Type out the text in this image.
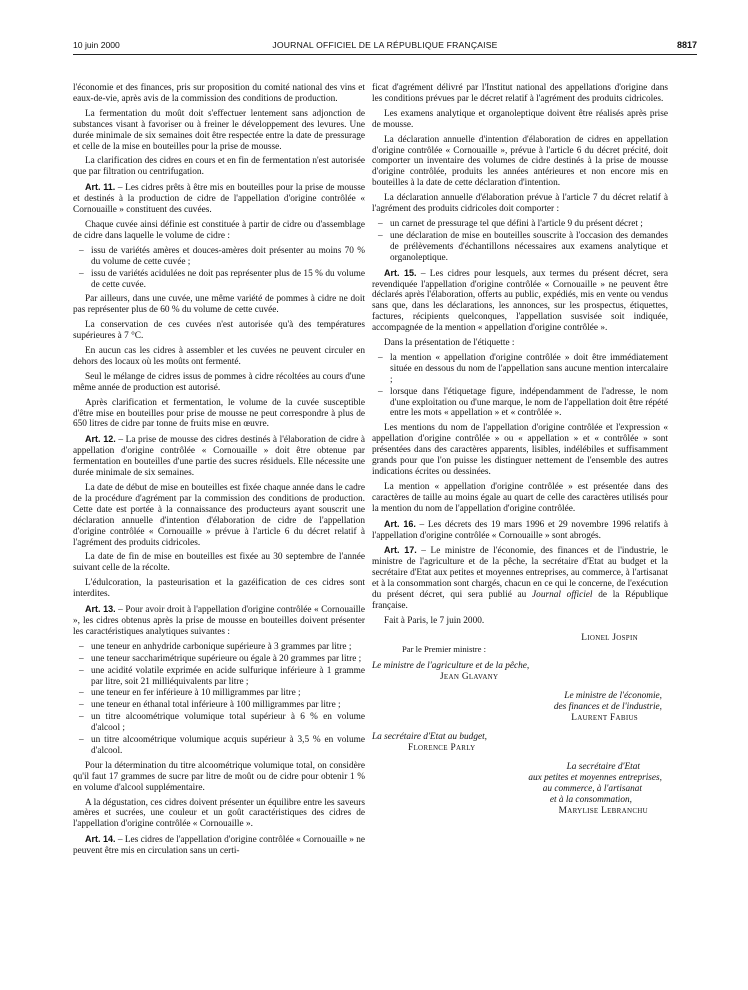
10 juin 2000	JOURNAL OFFICIEL DE LA RÉPUBLIQUE FRANÇAISE	8817

l'économie et des finances, pris sur proposition du comité national des vins et eaux-de-vie, après avis de la commission des conditions de production.

La fermentation du moût doit s'effectuer lentement sans adjonction de substances visant à favoriser ou à freiner le développement des levures. Une durée minimale de six semaines doit être respectée entre la date de pressurage et celle de la mise en bouteilles pour la prise de mousse.

La clarification des cidres en cours et en fin de fermentation n'est autorisée que par filtration ou centrifugation.

Art. 11. – Les cidres prêts à être mis en bouteilles pour la prise de mousse et destinés à la production de cidre de l'appellation d'origine contrôlée « Cornouaille » constituent des cuvées.

Chaque cuvée ainsi définie est constituée à partir de cidre ou d'assemblage de cidre dans laquelle le volume de cidre :

– issu de variétés amères et douces-amères doit présenter au moins 70 % du volume de cette cuvée ;
– issu de variétés acidulées ne doit pas représenter plus de 15 % du volume de cette cuvée.

Par ailleurs, dans une cuvée, une même variété de pommes à cidre ne doit pas représenter plus de 60 % du volume de cette cuvée.

La conservation de ces cuvées n'est autorisée qu'à des températures supérieures à 7 °C.

En aucun cas les cidres à assembler et les cuvées ne peuvent circuler en dehors des locaux où les moûts ont fermenté.

Seul le mélange de cidres issus de pommes à cidre récoltées au cours d'une même année de production est autorisé.

Après clarification et fermentation, le volume de la cuvée susceptible d'être mise en bouteilles pour prise de mousse ne peut correspondre à plus de 650 litres de cidre par tonne de fruits mise en œuvre.

Art. 12. – La prise de mousse des cidres destinés à l'élaboration de cidre à appellation d'origine contrôlée « Cornouaille » doit être obtenue par fermentation en bouteilles d'une partie des sucres résiduels. Elle nécessite une durée minimale de six semaines.

La date de début de mise en bouteilles est fixée chaque année dans le cadre de la procédure d'agrément par la commission des conditions de production. Cette date est portée à la connaissance des producteurs ayant souscrit une déclaration annuelle d'intention d'élaboration de cidre de l'appellation d'origine contrôlée « Cornouaille » prévue à l'article 6 du décret relatif à l'agrément des produits cidricoles.

La date de fin de mise en bouteilles est fixée au 30 septembre de l'année suivant celle de la récolte.

L'édulcoration, la pasteurisation et la gazéification de ces cidres sont interdites.

Art. 13. – Pour avoir droit à l'appellation d'origine contrôlée « Cornouaille », les cidres obtenus après la prise de mousse en bouteilles doivent présenter les caractéristiques analytiques suivantes :

– une teneur en anhydride carbonique supérieure à 3 grammes par litre ;
– une teneur saccharimétrique supérieure ou égale à 20 grammes par litre ;
– une acidité volatile exprimée en acide sulfurique inférieure à 1 gramme par litre, soit 21 milliéquivalents par litre ;
– une teneur en fer inférieure à 10 milligrammes par litre ;
– une teneur en éthanal total inférieure à 100 milligrammes par litre ;
– un titre alcoométrique volumique total supérieur à 6 % en volume d'alcool ;
– un titre alcoométrique volumique acquis supérieur à 3,5 % en volume d'alcool.

Pour la détermination du titre alcoométrique volumique total, on considère qu'il faut 17 grammes de sucre par litre de moût ou de cidre pour obtenir 1 % en volume d'alcool supplémentaire.

A la dégustation, ces cidres doivent présenter un équilibre entre les saveurs amères et sucrées, une couleur et un goût caractéristiques des cidres de l'appellation d'origine contrôlée « Cornouaille ».

Art. 14. – Les cidres de l'appellation d'origine contrôlée « Cornouaille » ne peuvent être mis en circulation sans un certi-

ficat d'agrément délivré par l'Institut national des appellations d'origine dans les conditions prévues par le décret relatif à l'agrément des produits cidricoles.

Les examens analytique et organoleptique doivent être réalisés après prise de mousse.

La déclaration annuelle d'intention d'élaboration de cidres en appellation d'origine contrôlée « Cornouaille », prévue à l'article 6 du décret précité, doit comporter un inventaire des volumes de cidre destinés à la prise de mousse d'origine contrôlée, produits les années antérieures et non encore mis en bouteilles à la date de cette déclaration d'intention.

La déclaration annuelle d'élaboration prévue à l'article 7 du décret relatif à l'agrément des produits cidricoles doit comporter :

– un carnet de pressurage tel que défini à l'article 9 du présent décret ;
– une déclaration de mise en bouteilles souscrite à l'occasion des demandes de prélèvements d'échantillons nécessaires aux examens analytique et organoleptique.

Art. 15. – Les cidres pour lesquels, aux termes du présent décret, sera revendiquée l'appellation d'origine contrôlée « Cornouaille » ne peuvent être déclarés après l'élaboration, offerts au public, expédiés, mis en vente ou vendus sans que, dans les déclarations, les annonces, sur les prospectus, étiquettes, factures, récipients quelconques, l'appellation susvisée soit indiquée, accompagnée de la mention « appellation d'origine contrôlée ».

Dans la présentation de l'étiquette :

– la mention « appellation d'origine contrôlée » doit être immédiatement située en dessous du nom de l'appellation sans aucune mention intercalaire ;
– lorsque dans l'étiquetage figure, indépendamment de l'adresse, le nom d'une exploitation ou d'une marque, le nom de l'appellation doit être répété entre les mots « appellation » et « contrôlée ».

Les mentions du nom de l'appellation d'origine contrôlée et l'expression « appellation d'origine contrôlée » ou « appellation » et « contrôlée » sont présentées dans des caractères apparents, lisibles, indélébiles et suffisamment grands pour que l'on puisse les distinguer nettement de l'ensemble des autres indications écrites ou dessinées.

La mention « appellation d'origine contrôlée » est présentée dans des caractères de taille au moins égale au quart de celle des caractères utilisés pour la mention du nom de l'appellation d'origine contrôlée.

Art. 16. – Les décrets des 19 mars 1996 et 29 novembre 1996 relatifs à l'appellation d'origine contrôlée « Cornouaille » sont abrogés.

Art. 17. – Le ministre de l'économie, des finances et de l'industrie, le ministre de l'agriculture et de la pêche, la secrétaire d'Etat au budget et la secrétaire d'Etat aux petites et moyennes entreprises, au commerce, à l'artisanat et à la consommation sont chargés, chacun en ce qui le concerne, de l'exécution du présent décret, qui sera publié au Journal officiel de la République française.

Fait à Paris, le 7 juin 2000.

Lionel Jospin
Par le Premier ministre :
Le ministre de l'agriculture et de la pêche,
Jean Glavany
Le ministre de l'économie,
des finances et de l'industrie,
Laurent Fabius
La secrétaire d'Etat au budget,
Florence Parly
La secrétaire d'Etat
aux petites et moyennes entreprises,
au commerce, à l'artisanat
et à la consommation,
Marylise Lebranchu
